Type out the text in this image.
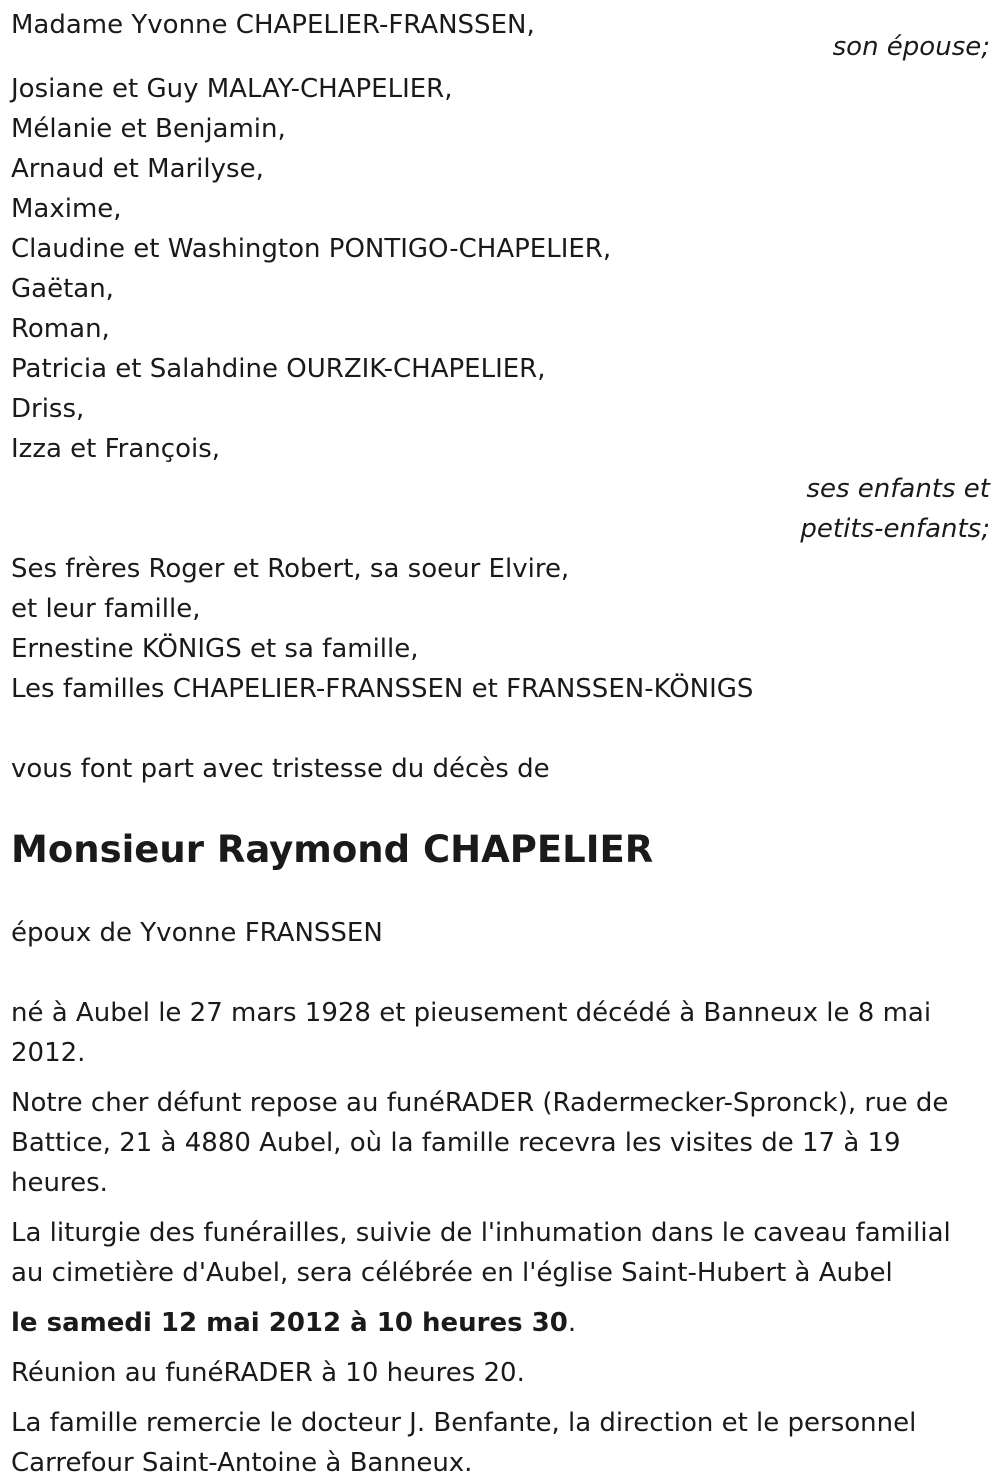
Madame Yvonne CHAPELIER-FRANSSEN,
son épouse;
Josiane et Guy MALAY-CHAPELIER,
Mélanie et Benjamin,
Arnaud et Marilyse,
Maxime,
Claudine et Washington PONTIGO-CHAPELIER,
Gaëtan,
Roman,
Patricia et Salahdine OURZIK-CHAPELIER,
Driss,
Izza et François,
ses enfants et
petits-enfants;
Ses frères Roger et Robert, sa soeur Elvire,
et leur famille,
Ernestine KÖNIGS et sa famille,
Les familles CHAPELIER-FRANSSEN et FRANSSEN-KÖNIGS
vous font part avec tristesse du décès de
Monsieur Raymond CHAPELIER
époux de Yvonne FRANSSEN

né à Aubel le 27 mars 1928 et pieusement décédé à Banneux le 8 mai 2012.

Notre cher défunt repose au funéRADER (Radermecker-Spronck), rue de Battice, 21 à 4880 Aubel, où la famille recevra les visites de 17 à 19 heures.

La liturgie des funérailles, suivie de l'inhumation dans le caveau familial au cimetière d'Aubel, sera célébrée en l'église Saint-Hubert à Aubel

le samedi 12 mai 2012 à 10 heures 30.

Réunion au funéRADER à 10 heures 20.

La famille remercie le docteur J. Benfante, la direction et le personnel Carrefour Saint-Antoine à Banneux.
